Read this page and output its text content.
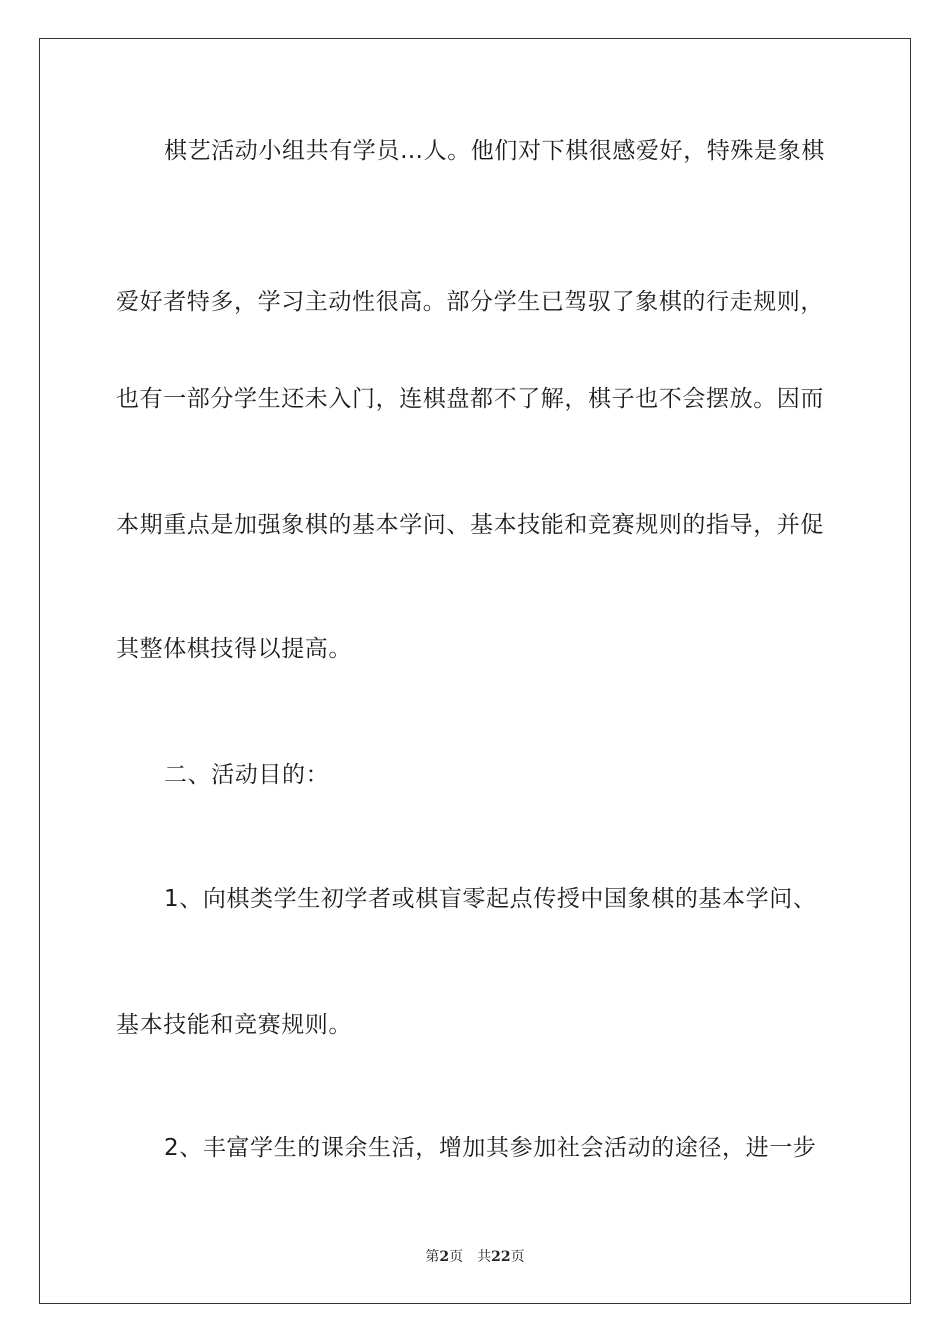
棋艺活动小组共有学员…人。他们对下棋很感爱好，特殊是象棋
爱好者特多，学习主动性很高。部分学生已驾驭了象棋的行走规则，
也有一部分学生还未入门，连棋盘都不了解，棋子也不会摆放。因而
本期重点是加强象棋的基本学问、基本技能和竞赛规则的指导，并促
其整体棋技得以提高。
二、活动目的：
1、向棋类学生初学者或棋盲零起点传授中国象棋的基本学问、
基本技能和竞赛规则。
2、丰富学生的课余生活，增加其参加社会活动的途径，进一步
第2页 共22页
